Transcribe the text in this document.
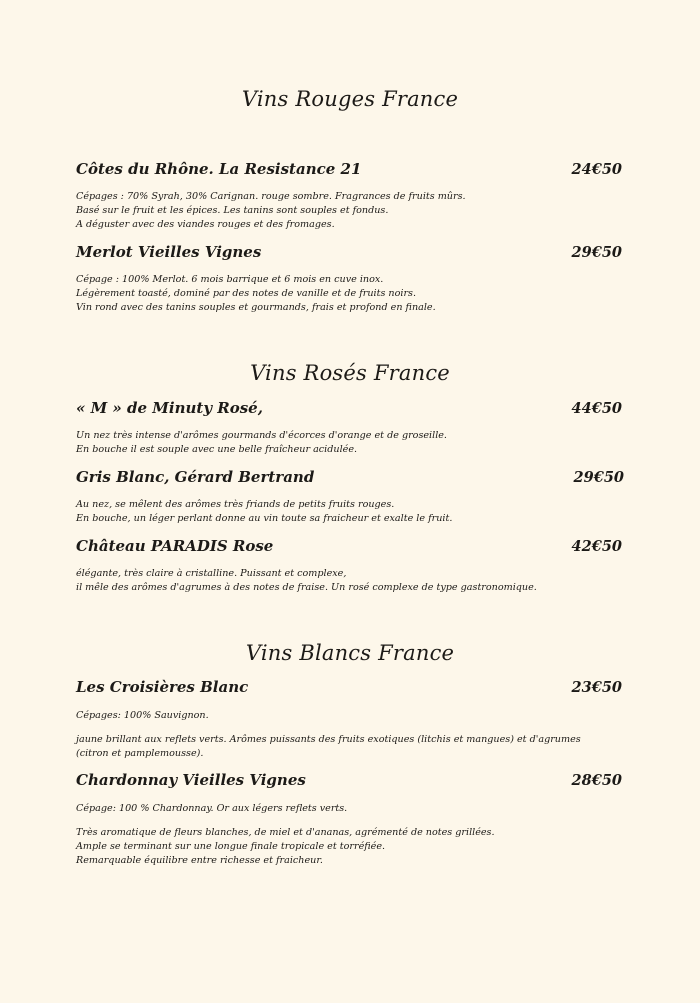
Vins Rouges France

Côtes du Rhône. La Resistance 21	24€50

Cépages : 70% Syrah, 30% Carignan. rouge sombre. Fragrances de fruits mûrs.
Basé sur le fruit et les épices. Les tanins sont souples et fondus.
A déguster avec des viandes rouges et des fromages.

Merlot Vieilles Vignes	29€50

Cépage : 100% Merlot. 6 mois barrique et 6 mois en cuve inox.
Légèrement toasté, dominé par des notes de vanille et de fruits noirs.
Vin rond avec des tanins souples et gourmands, frais et profond en finale.
Vins Rosés France

« M » de Minuty Rosé,	44€50

Un nez très intense d'arômes gourmands d'écorces d'orange et de groseille.
En bouche il est souple avec une belle fraîcheur acidulée.

Gris Blanc, Gérard Bertrand	29€50

Au nez, se mêlent des arômes très friands de petits fruits rouges.
En bouche, un léger perlant donne au vin toute sa fraicheur et exalte le fruit.

Château PARADIS Rose	42€50

élégante, très claire à cristalline. Puissant et complexe,
il mêle des arômes d'agrumes à des notes de fraise. Un rosé complexe de type gastronomique.
Vins Blancs France

Les Croisières Blanc	23€50

Cépages: 100% Sauvignon.
jaune brillant aux reflets verts. Arômes puissants des fruits exotiques (litchis et mangues) et d'agrumes
(citron et pamplemousse).

Chardonnay Vieilles Vignes	28€50

Cépage: 100 % Chardonnay. Or aux légers reflets verts.
Très aromatique de fleurs blanches, de miel et d'ananas, agrémenté de notes grillées.
Ample se terminant sur une longue finale tropicale et torréfiée.
Remarquable équilibre entre richesse et fraicheur.
